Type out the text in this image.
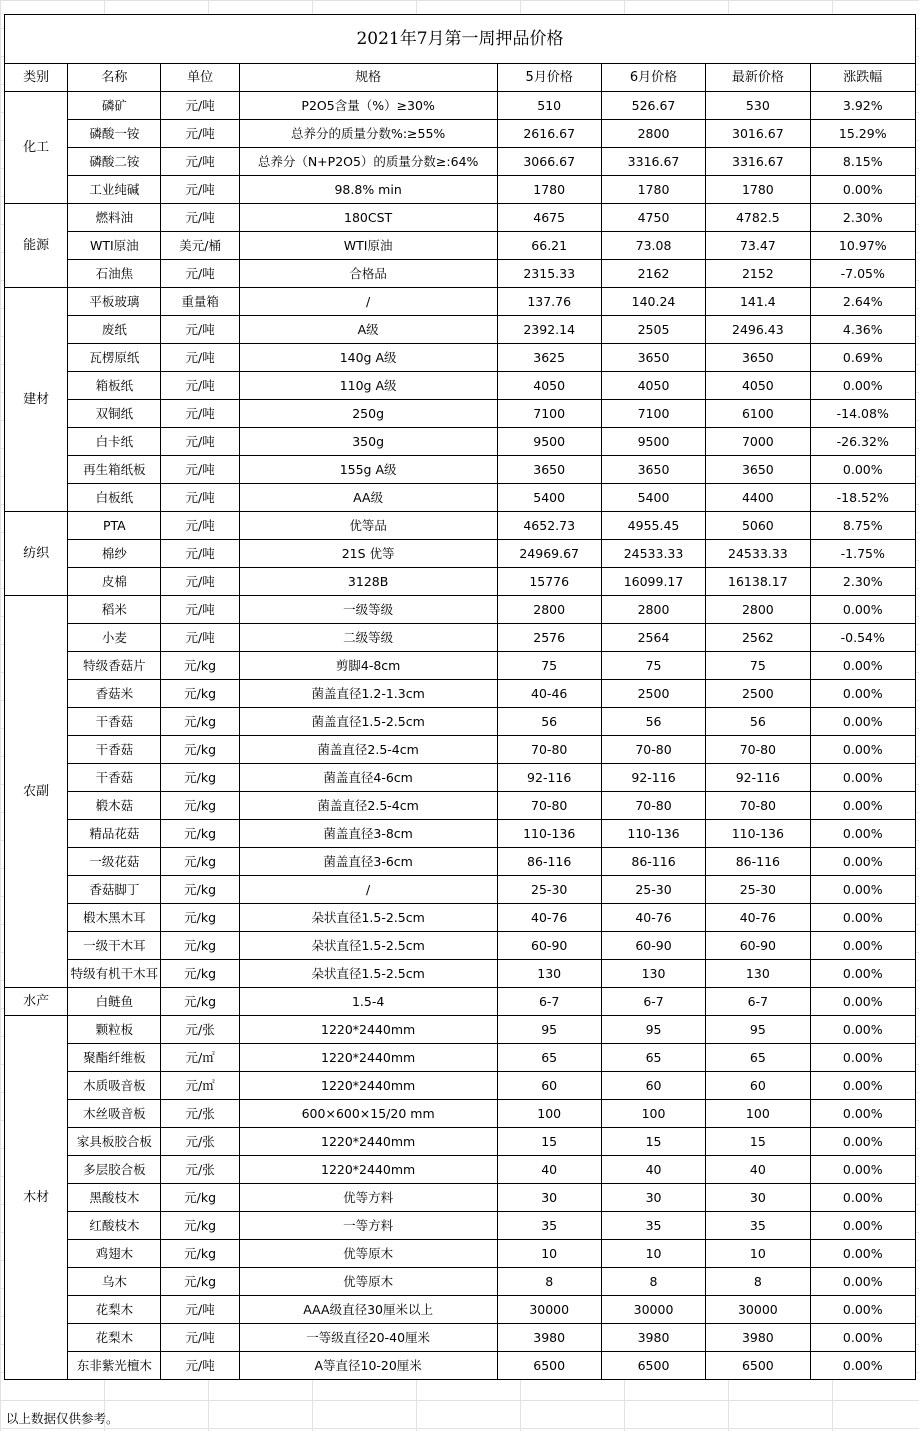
2021年7月第一周押品价格							
类别	名称	单位	规格	5月价格	6月价格	最新价格	涨跌幅
化工	磷矿	元/吨	P2O5含量（%）≥30%	510	526.67	530	3.92%
	磷酸一铵	元/吨	总养分的质量分数%:≥55%	2616.67	2800	3016.67	15.29%
	磷酸二铵	元/吨	总养分（N+P2O5）的质量分数≥:64%	3066.67	3316.67	3316.67	8.15%
	工业纯碱	元/吨	98.8% min	1780	1780	1780	0.00%
能源	燃料油	元/吨	180CST	4675	4750	4782.5	2.30%
	WTI原油	美元/桶	WTI原油	66.21	73.08	73.47	10.97%
	石油焦	元/吨	合格品	2315.33	2162	2152	-7.05%
建材	平板玻璃	重量箱	/	137.76	140.24	141.4	2.64%
	废纸	元/吨	A级	2392.14	2505	2496.43	4.36%
	瓦楞原纸	元/吨	140g A级	3625	3650	3650	0.69%
	箱板纸	元/吨	110g A级	4050	4050	4050	0.00%
	双铜纸	元/吨	250g	7100	7100	6100	-14.08%
	白卡纸	元/吨	350g	9500	9500	7000	-26.32%
	再生箱纸板	元/吨	155g A级	3650	3650	3650	0.00%
	白板纸	元/吨	AA级	5400	5400	4400	-18.52%
纺织	PTA	元/吨	优等品	4652.73	4955.45	5060	8.75%
	棉纱	元/吨	21S 优等	24969.67	24533.33	24533.33	-1.75%
	皮棉	元/吨	3128B	15776	16099.17	16138.17	2.30%
农副	稻米	元/吨	一级等级	2800	2800	2800	0.00%
	小麦	元/吨	二级等级	2576	2564	2562	-0.54%
	特级香菇片	元/kg	剪脚4-8cm	75	75	75	0.00%
	香菇米	元/kg	菌盖直径1.2-1.3cm	40-46	2500	2500	0.00%
	干香菇	元/kg	菌盖直径1.5-2.5cm	56	56	56	0.00%
	干香菇	元/kg	菌盖直径2.5-4cm	70-80	70-80	70-80	0.00%
	干香菇	元/kg	菌盖直径4-6cm	92-116	92-116	92-116	0.00%
	椴木菇	元/kg	菌盖直径2.5-4cm	70-80	70-80	70-80	0.00%
	精品花菇	元/kg	菌盖直径3-8cm	110-136	110-136	110-136	0.00%
	一级花菇	元/kg	菌盖直径3-6cm	86-116	86-116	86-116	0.00%
	香菇脚丁	元/kg	/	25-30	25-30	25-30	0.00%
	椴木黑木耳	元/kg	朵状直径1.5-2.5cm	40-76	40-76	40-76	0.00%
	一级干木耳	元/kg	朵状直径1.5-2.5cm	60-90	60-90	60-90	0.00%
	特级有机干木耳	元/kg	朵状直径1.5-2.5cm	130	130	130	0.00%
水产	白鲢鱼	元/kg	1.5-4	6-7	6-7	6-7	0.00%
木材	颗粒板	元/张	1220*2440mm	95	95	95	0.00%
	聚酯纤维板	元/㎡	1220*2440mm	65	65	65	0.00%
	木质吸音板	元/㎡	1220*2440mm	60	60	60	0.00%
	木丝吸音板	元/张	600×600×15/20 mm	100	100	100	0.00%
	家具板胶合板	元/张	1220*2440mm	15	15	15	0.00%
	多层胶合板	元/张	1220*2440mm	40	40	40	0.00%
	黑酸枝木	元/kg	优等方料	30	30	30	0.00%
	红酸枝木	元/kg	一等方料	35	35	35	0.00%
	鸡翅木	元/kg	优等原木	10	10	10	0.00%
	乌木	元/kg	优等原木	8	8	8	0.00%
	花梨木	元/吨	AAA级直径30厘米以上	30000	30000	30000	0.00%
	花梨木	元/吨	一等级直径20-40厘米	3980	3980	3980	0.00%
	东非紫光檀木	元/吨	A等直径10-20厘米	6500	6500	6500	0.00%
以上数据仅供参考。
